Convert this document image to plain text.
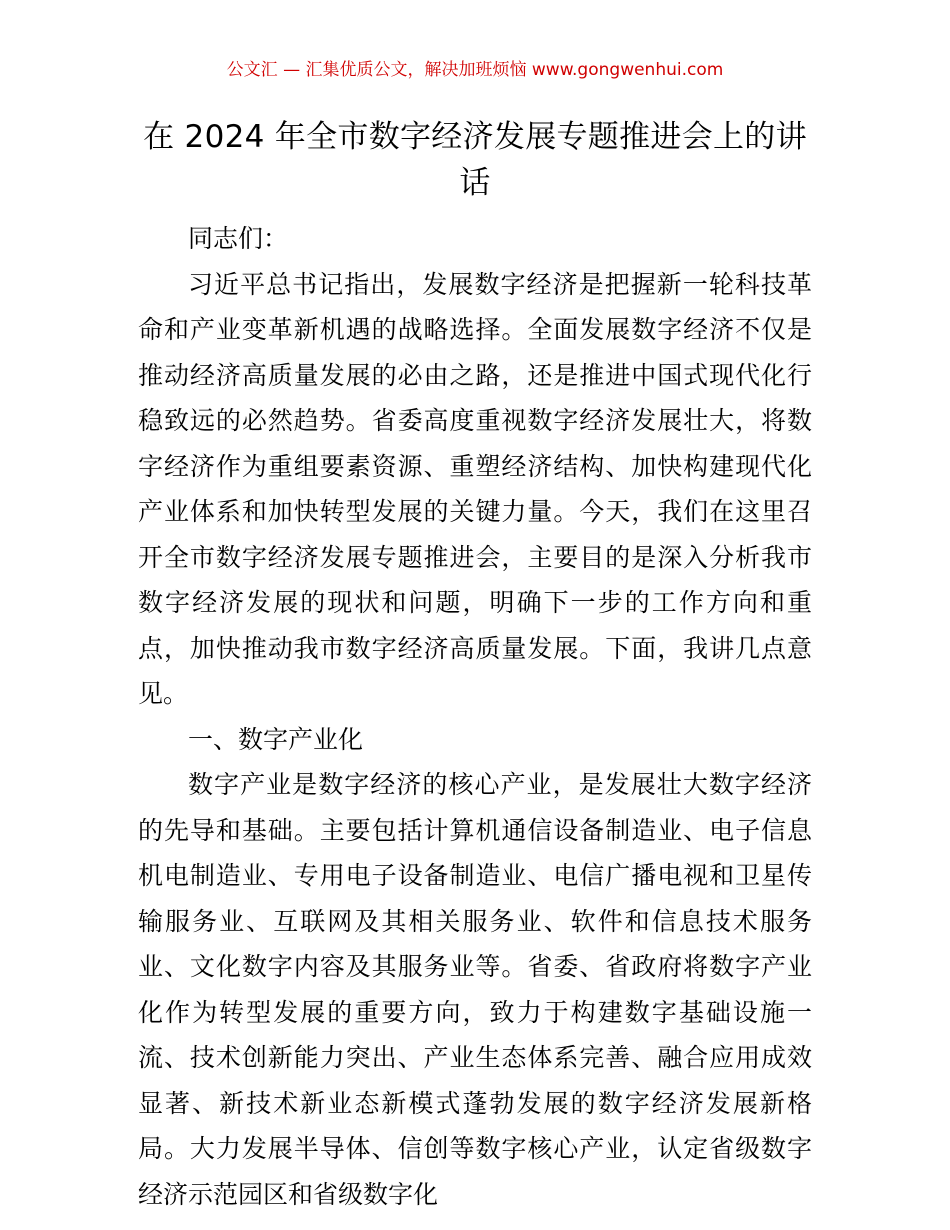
公文汇 — 汇集优质公文，解决加班烦恼 www.gongwenhui.com
在 2024 年全市数字经济发展专题推进会上的讲话

同志们：

习近平总书记指出，发展数字经济是把握新一轮科技革命和产业变革新机遇的战略选择。全面发展数字经济不仅是推动经济高质量发展的必由之路，还是推进中国式现代化行稳致远的必然趋势。省委高度重视数字经济发展壮大，将数字经济作为重组要素资源、重塑经济结构、加快构建现代化产业体系和加快转型发展的关键力量。今天，我们在这里召开全市数字经济发展专题推进会，主要目的是深入分析我市数字经济发展的现状和问题，明确下一步的工作方向和重点，加快推动我市数字经济高质量发展。下面，我讲几点意见。

一、数字产业化

数字产业是数字经济的核心产业，是发展壮大数字经济的先导和基础。主要包括计算机通信设备制造业、电子信息机电制造业、专用电子设备制造业、电信广播电视和卫星传输服务业、互联网及其相关服务业、软件和信息技术服务业、文化数字内容及其服务业等。省委、省政府将数字产业化作为转型发展的重要方向，致力于构建数字基础设施一流、技术创新能力突出、产业生态体系完善、融合应用成效显著、新技术新业态新模式蓬勃发展的数字经济发展新格局。大力发展半导体、信创等数字核心产业，认定省级数字经济示范园区和省级数字化
